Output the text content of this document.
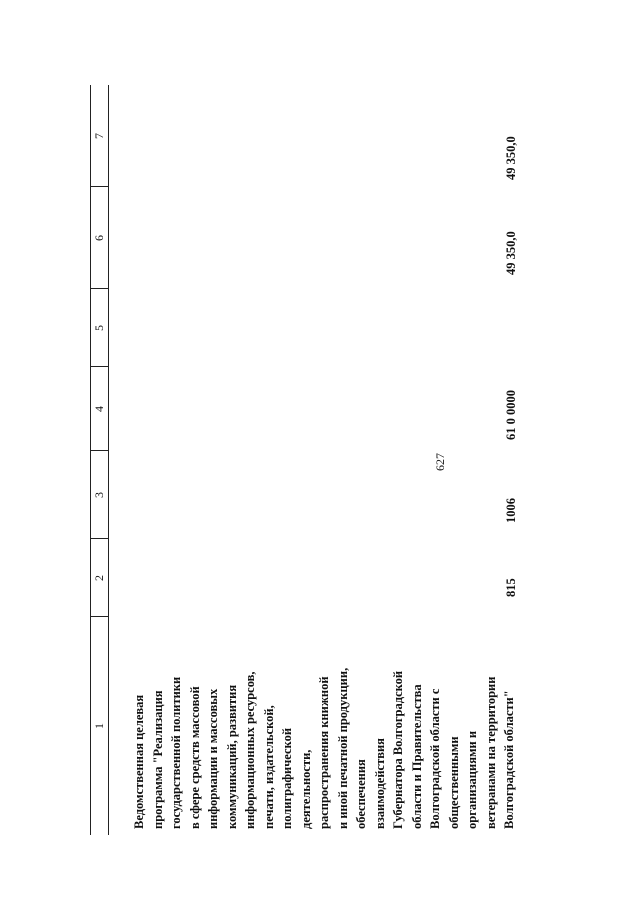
627
1
2
3
4
5
6
7
Ведомственная целевая программа "Реализация государственной политики в сфере средств массовой информации и массовых коммуникаций, развития информационных ресурсов, печати, издательской, полиграфической деятельности, распространения книжной и иной печатной продукции, обеспечения взаимодействия Губернатора Волгоградской области и Правительства Волгоградской области с общественными организациями и ветеранами на территории Волгоградской области"
815
1006
61 0 0000
49 350,0
49 350,0
